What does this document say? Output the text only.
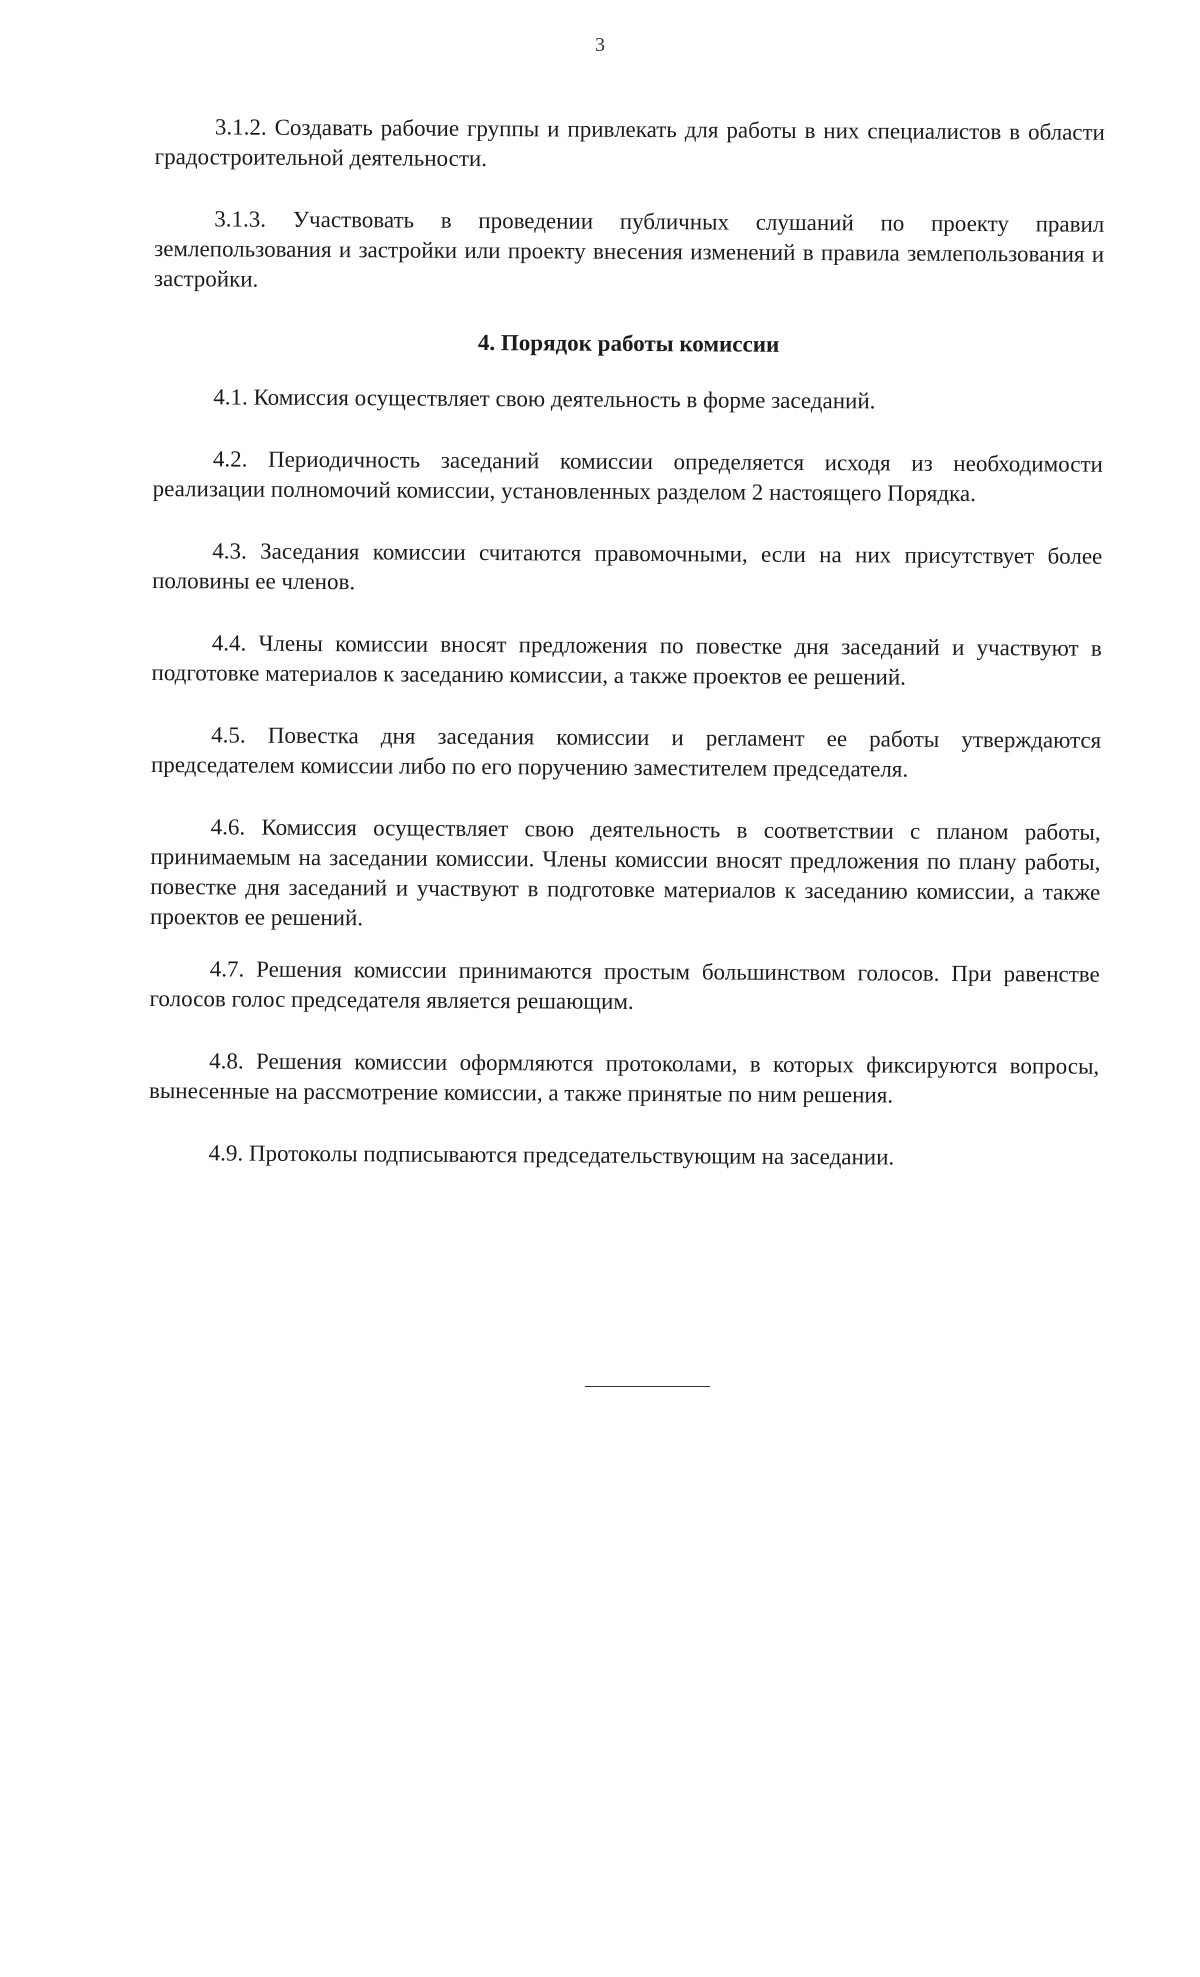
3

3.1.2. Создавать рабочие группы и привлекать для работы в них специалистов в области градостроительной деятельности.

3.1.3. Участвовать в проведении публичных слушаний по проекту правил землепользования и застройки или проекту внесения изменений в правила землепользования и застройки.

4. Порядок работы комиссии

4.1. Комиссия осуществляет свою деятельность в форме заседаний.

4.2. Периодичность заседаний комиссии определяется исходя из необходимости реализации полномочий комиссии, установленных разделом 2 настоящего Порядка.

4.3. Заседания комиссии считаются правомочными, если на них присутствует более половины ее членов.

4.4. Члены комиссии вносят предложения по повестке дня заседаний и участвуют в подготовке материалов к заседанию комиссии, а также проектов ее решений.

4.5. Повестка дня заседания комиссии и регламент ее работы утверждаются председателем комиссии либо по его поручению заместителем председателя.

4.6. Комиссия осуществляет свою деятельность в соответствии с планом работы, принимаемым на заседании комиссии. Члены комиссии вносят предложения по плану работы, повестке дня заседаний и участвуют в подготовке материалов к заседанию комиссии, а также проектов ее решений.

4.7. Решения комиссии принимаются простым большинством голосов. При равенстве голосов голос председателя является решающим.

4.8. Решения комиссии оформляются протоколами, в которых фиксируются вопросы, вынесенные на рассмотрение комиссии, а также принятые по ним решения.

4.9. Протоколы подписываются председательствующим на заседании.
